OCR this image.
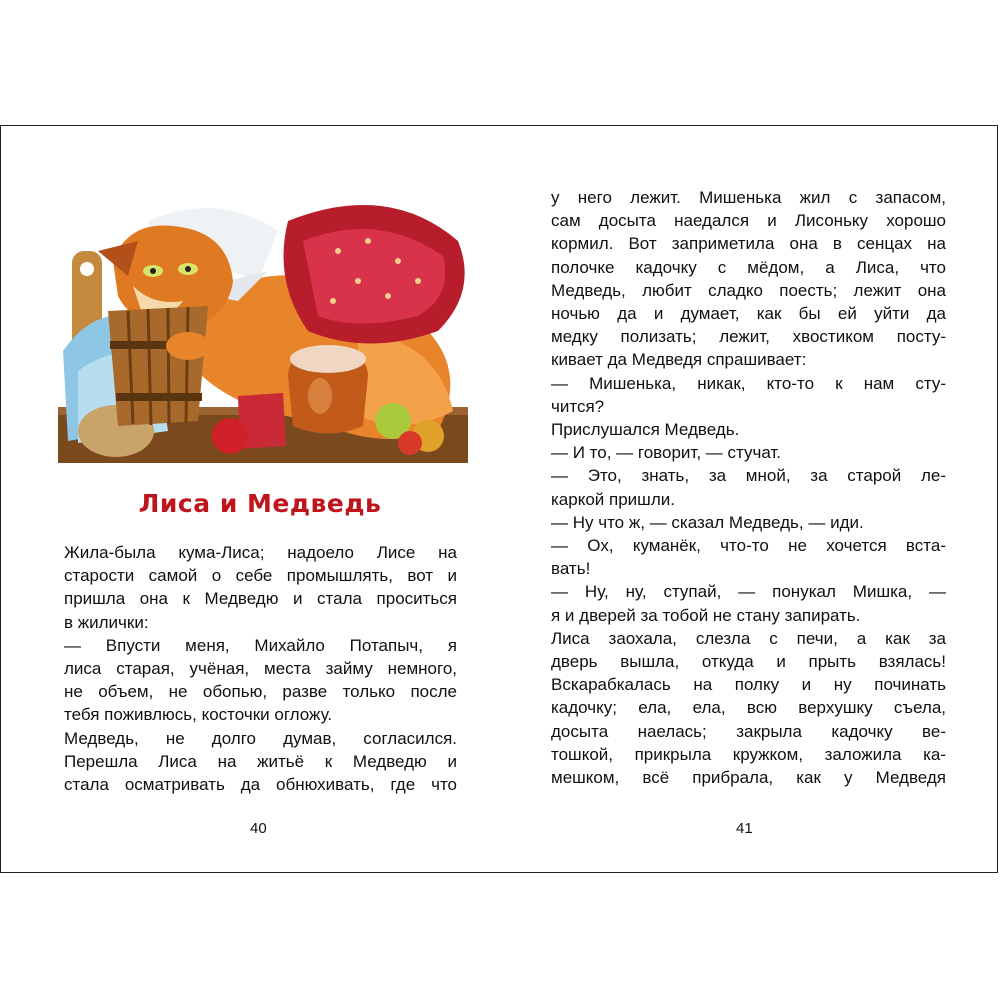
Лиса и Медведь

Жила-была кума-Лиса; надоело Лисе на

старости самой о себе промышлять, вот и

пришла она к Медведю и стала проситься

в жилички:

— Впусти меня, Михайло Потапыч, я

лиса старая, учёная, места займу немного,

не объем, не обопью, разве только после

тебя поживлюсь, косточки огложу.

Медведь, не долго думав, согласился.

Перешла Лиса на житьё к Медведю и

стала осматривать да обнюхивать, где что

у него лежит. Мишенька жил с запасом,

сам досыта наедался и Лисоньку хорошо

кормил. Вот заприметила она в сенцах на

полочке кадочку с мёдом, а Лиса, что

Медведь, любит сладко поесть; лежит она

ночью да и думает, как бы ей уйти да

медку полизать; лежит, хвостиком посту-

кивает да Медведя спрашивает:

— Мишенька, никак, кто-то к нам сту-

чится?

Прислушался Медведь.

— И то, — говорит, — стучат.

— Это, знать, за мной, за старой ле-

каркой пришли.

— Ну что ж, — сказал Медведь, — иди.

— Ох, куманёк, что-то не хочется вста-

вать!

— Ну, ну, ступай, — понукал Мишка, —

я и дверей за тобой не стану запирать.

Лиса заохала, слезла с печи, а как за

дверь вышла, откуда и прыть взялась!

Вскарабкалась на полку и ну починать

кадочку; ела, ела, всю верхушку съела,

досыта наелась; закрыла кадочку ве-

тошкой, прикрыла кружком, заложила ка-

мешком, всё прибрала, как у Медведя

40	41
